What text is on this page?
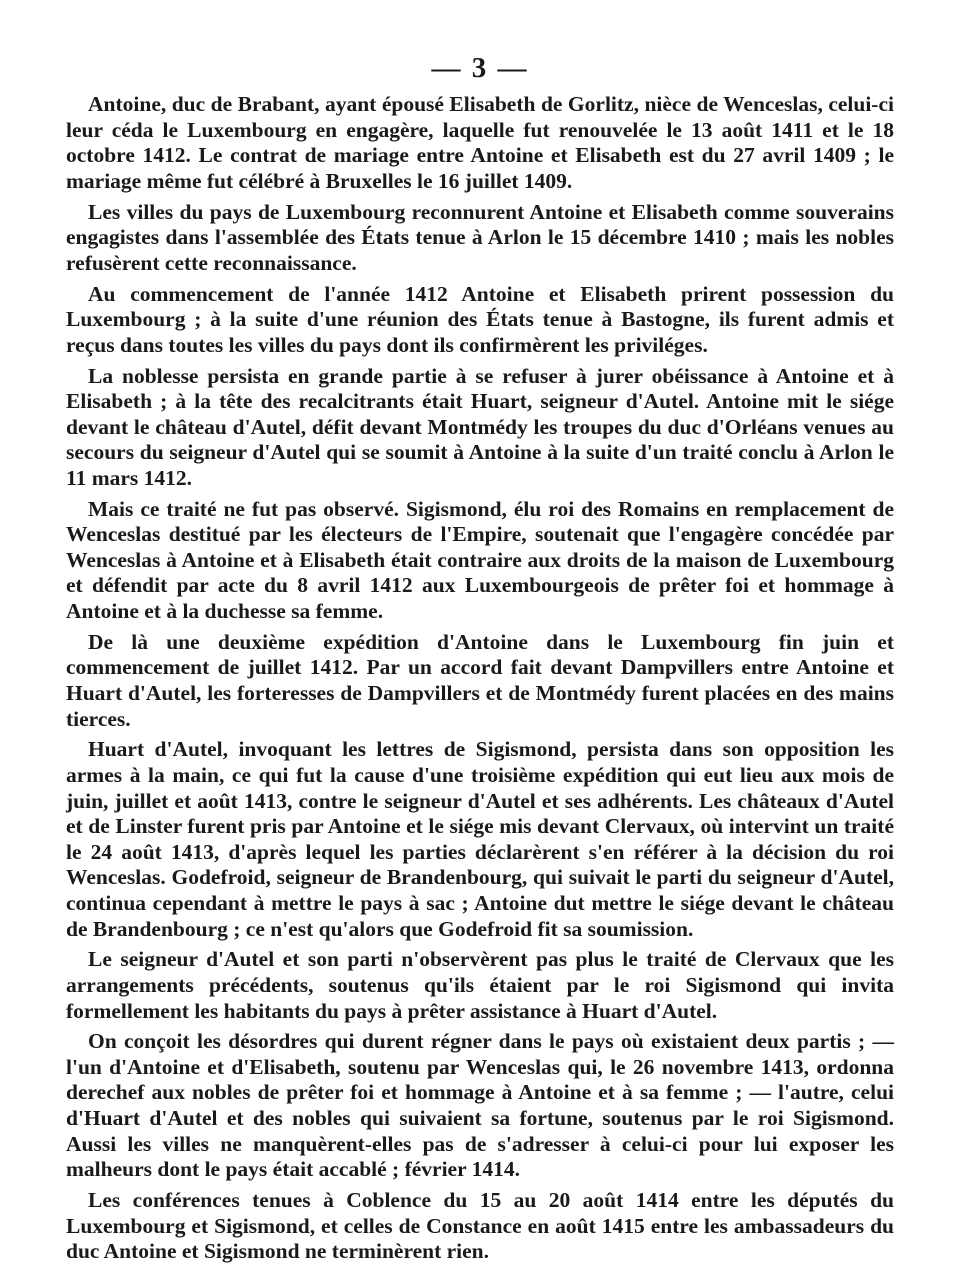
— 3 —

Antoine, duc de Brabant, ayant épousé Elisabeth de Gorlitz, nièce de Wenceslas, celui-ci leur céda le Luxembourg en engagère, laquelle fut renouvelée le 13 août 1411 et le 18 octobre 1412. Le contrat de mariage entre Antoine et Elisabeth est du 27 avril 1409 ; le mariage même fut célébré à Bruxelles le 16 juillet 1409.

Les villes du pays de Luxembourg reconnurent Antoine et Elisabeth comme souverains engagistes dans l'assemblée des États tenue à Arlon le 15 décembre 1410 ; mais les nobles refusèrent cette reconnaissance.

Au commencement de l'année 1412 Antoine et Elisabeth prirent possession du Luxembourg ; à la suite d'une réunion des États tenue à Bastogne, ils furent admis et reçus dans toutes les villes du pays dont ils confirmèrent les priviléges.

La noblesse persista en grande partie à se refuser à jurer obéissance à Antoine et à Elisabeth ; à la tête des recalcitrants était Huart, seigneur d'Autel. Antoine mit le siége devant le château d'Autel, défit devant Montmédy les troupes du duc d'Orléans venues au secours du seigneur d'Autel qui se soumit à Antoine à la suite d'un traité conclu à Arlon le 11 mars 1412.

Mais ce traité ne fut pas observé. Sigismond, élu roi des Romains en remplacement de Wenceslas destitué par les électeurs de l'Empire, soutenait que l'engagère concédée par Wenceslas à Antoine et à Elisabeth était contraire aux droits de la maison de Luxembourg et défendit par acte du 8 avril 1412 aux Luxembourgeois de prêter foi et hommage à Antoine et à la duchesse sa femme.

De là une deuxième expédition d'Antoine dans le Luxembourg fin juin et commencement de juillet 1412. Par un accord fait devant Dampvillers entre Antoine et Huart d'Autel, les forteresses de Dampvillers et de Montmédy furent placées en des mains tierces.

Huart d'Autel, invoquant les lettres de Sigismond, persista dans son opposition les armes à la main, ce qui fut la cause d'une troisième expédition qui eut lieu aux mois de juin, juillet et août 1413, contre le seigneur d'Autel et ses adhérents. Les châteaux d'Autel et de Linster furent pris par Antoine et le siége mis devant Clervaux, où intervint un traité le 24 août 1413, d'après lequel les parties déclarèrent s'en référer à la décision du roi Wenceslas. Godefroid, seigneur de Brandenbourg, qui suivait le parti du seigneur d'Autel, continua cependant à mettre le pays à sac ; Antoine dut mettre le siége devant le château de Brandenbourg ; ce n'est qu'alors que Godefroid fit sa soumission.

Le seigneur d'Autel et son parti n'observèrent pas plus le traité de Clervaux que les arrangements précédents, soutenus qu'ils étaient par le roi Sigismond qui invita formellement les habitants du pays à prêter assistance à Huart d'Autel.

On conçoit les désordres qui durent régner dans le pays où existaient deux partis ; — l'un d'Antoine et d'Elisabeth, soutenu par Wenceslas qui, le 26 novembre 1413, ordonna derechef aux nobles de prêter foi et hommage à Antoine et à sa femme ; — l'autre, celui d'Huart d'Autel et des nobles qui suivaient sa fortune, soutenus par le roi Sigismond. Aussi les villes ne manquèrent-elles pas de s'adresser à celui-ci pour lui exposer les malheurs dont le pays était accablé ; février 1414.

Les conférences tenues à Coblence du 15 au 20 août 1414 entre les députés du Luxembourg et Sigismond, et celles de Constance en août 1415 entre les ambassadeurs du duc Antoine et Sigismond ne terminèrent rien.
